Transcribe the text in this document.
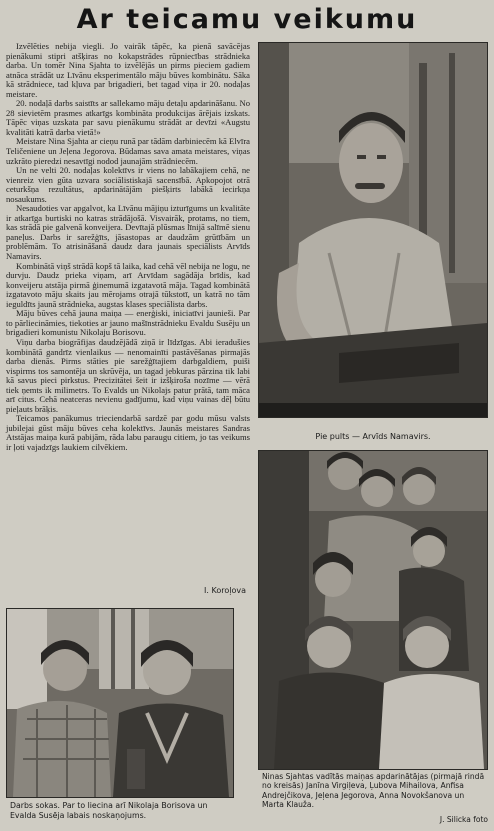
Ar teicamu veikumu

Izvēlēties nebija viegli. Jo vairāk tāpēc, ka pienā savācējas pienākumi stipri atšķiras no kokapstrādes rūpniecības strādnieka darba. Un tomēr Nina Sjahta to izvēlējās un pirms pieciem gadiem atnāca strādāt uz Līvānu eksperimentālo māju būves kombinātu. Sāka kā strādniece, tad kļuva par brigadieri, bet tagad viņa ir 20. nodaļas meistare.

20. nodaļā darbs saistīts ar sallekamo māju detaļu apdarināšanu. No 28 sievietēm prasmes atkarīgs kombināta produkcijas ārējais izskats. Tāpēc viņas uzskata par savu pienākumu strādāt ar devīzi «Augstu kvalitāti katrā darba vietā!»

Meistare Nina Sjahta ar cieņu runā par tādām darbiniecēm kā Elvīra Teličeniene un Jeļena Jegorova. Būdamas sava amata meistares, viņas uzkrāto pieredzi nesavtīgi nodod jaunajām strādniecēm.

Un ne velti 20. nodaļas kolektīvs ir viens no labākajiem cehā, ne vienreiz vien gūta uzvara sociālistiskajā sacensībā. Apkopojot otrā ceturkšņa rezultātus, apdarinātājām piešķirts labākā iecirkņa nosaukums.

Nesaudoties var apgalvot, ka Līvānu mājiņu izturīgums un kvalitāte ir atkarīga burtiski no katras strādājošā. Visvairāk, protams, no tiem, kas strādā pie galvenā konveijera. Devītajā plūsmas līnijā salīmē sienu paneļus. Darbs ir sarežģīts, jāsastopas ar daudzām grūtībām un problēmām. To atrisināšanā daudz dara jaunais speciālists Arvīds Namavirs.

Kombinātā viņš strādā kopš tā laika, kad cehā vēl nebija ne logu, ne durvju. Daudz prieka viņam, arī Arvīdam sagādāja brīdis, kad konveijeru atstāja pirmā ģinemumā izgatavotā māja. Tagad kombinātā izgatavoto māju skaits jau mērojams otrajā tūkstotī, un katrā no tām ieguldīts jaunā strādnieka, augstas klases speciālista darbs.

Māju būves cehā jauna maiņa — enerģiski, iniciatīvi jaunieši. Par to pārliecināmies, tiekoties ar jauno mašīnstrādnieku Evaldu Susēju un brigadieri komunistu Nikolaju Borisovu.

Viņu darba biogrāfijas daudzējādā ziņā ir līdzīgas. Abi ieradušies kombinātā gandrīz vienlaikus — nenomainīti pastāvēšanas pirmajās darba dienās. Pirms stāties pie sarežģītajiem darbgaldiem, puiši vispirms tos samontēja un skrūvēja, un tagad jebkuras pārzina tik labi kā savus pieci pirkstus. Precizitātei šeit ir izšķiroša nozīme — vērā tiek ņemts ik milimetrs. To Evalds un Nikolajs patur prātā, tam māca arī citus. Cehā neatceras nevienu gadījumu, kad viņu vainas dēļ būtu pieļauts brāķis.

Teicamos panākumus trieciendarbā sardzē par godu mūsu valsts jubilejai gūst māju būves ceha kolektīvs. Jaunās meistares Sandras Atstājas maiņa kurā pabijām, rāda labu paraugu citiem, jo tas veikums ir ļoti vajadzīgs laukiem cilvēkiem.

I. Koroļova
Pie pults — Arvīds Namavirs.
Ninas Sjahtas vadītās maiņas apdarinātājas (pirmajā rindā no kreisās) Janīna Virgiļeva, Ļubova Mihailova, Anfisa Andrejčikova, Jeļena Jegorova, Anna Novokšanova un Marta Klauža.
J. Silicka foto
Darbs sokas. Par to liecina arī Nikolaja Borisova un Evalda Susēja labais noskaņojums.
